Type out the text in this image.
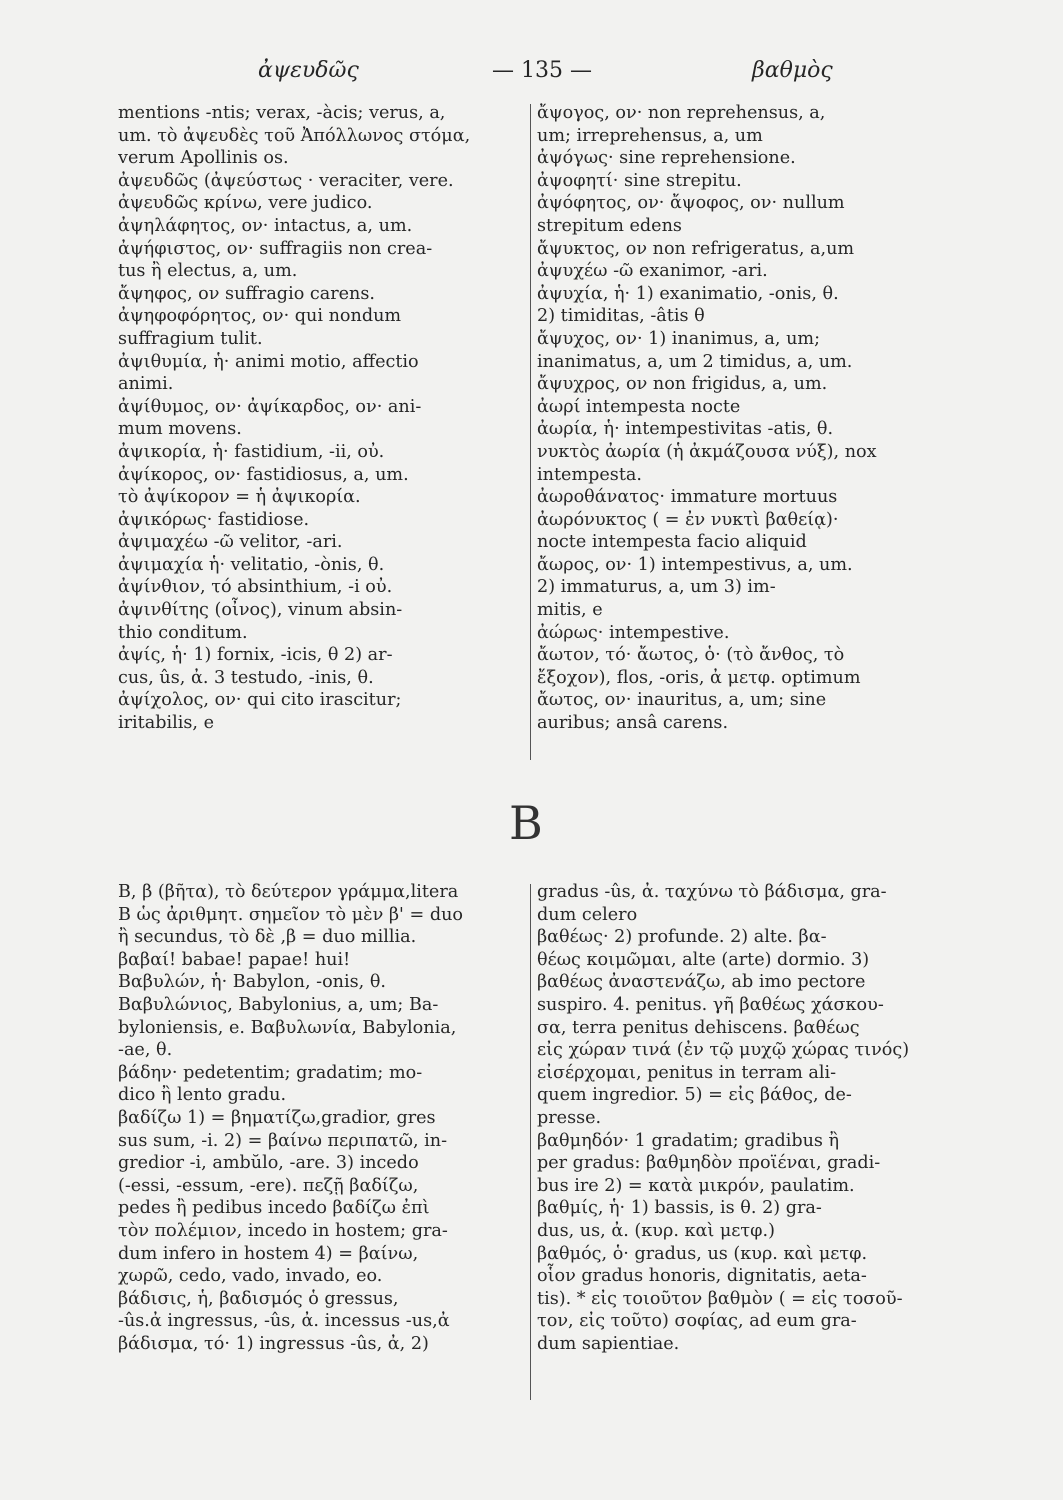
ἀψευδῶς	— 135 —	βαθμὸς
mentions -ntis; verax, -àcis; verus, a,
um. τὸ ἀψευδὲς τοῦ Ἀπόλλωνος στόμα,
verum Apollinis os.
ἀψευδῶς (ἀψεύστως · veraciter, vere.
ἀψευδῶς κρίνω, vere judico.
ἀψηλάφητος, ον· intactus, a, um.
ἀψήφιστος, ον· suffragiis non crea-
tus ἢ electus, a, um.
ἄψηφος, ον suffragio carens.
ἀψηφοφόρητος, ον· qui nondum
suffragium tulit.
ἀψιθυμία, ἡ· animi motio, affectio
animi.
ἀψίθυμος, ον· ἀψίκαρδος, ον· ani-
mum movens.
ἀψικορία, ἡ· fastidium, -ii, οὐ.
ἀψίκορος, ον· fastidiosus, a, um.
τὸ ἀψίκορον = ἡ ἀψικορία.
ἀψικόρως· fastidiose.
ἀψιμαχέω -ῶ velitor, -ari.
ἀψιμαχία ἡ· velitatio, -ònis, θ.
ἀψίνθιον, τό absinthium, -i οὐ.
ἀψινθίτης (οἶνος), vinum absin-
thio conditum.
ἀψίς, ἡ· 1) fornix, -icis, θ 2) ar-
cus, ûs, ἀ. 3 testudo, -inis, θ.
ἀψίχολος, ον· qui cito irascitur;
iritabilis, e
ἄψογος, ον· non reprehensus, a,
um; irreprehensus, a, um
ἀψόγως· sine reprehensione.
ἀψοφητί· sine strepitu.
ἀψόφητος, ον· ἄψοφος, ον· nullum
strepitum edens
ἄψυκτος, ον non refrigeratus, a,um
ἀψυχέω -ῶ exanimor, -ari.
ἀψυχία, ἡ· 1) exanimatio, -onis, θ.
2) timiditas, -âtis θ
ἄψυχος, ον· 1) inanimus, a, um;
inanimatus, a, um 2 timidus, a, um.
ἄψυχρος, ον non frigidus, a, um.
ἀωρί intempesta nocte
ἀωρία, ἡ· intempestivitas -atis, θ.
νυκτὸς ἀωρία (ἡ ἀκμάζουσα νύξ), nox
intempesta.
ἀωροθάνατος· immature mortuus
ἀωρόνυκτος ( = ἐν νυκτὶ βαθείᾳ)·
nocte intempesta facio aliquid
ἄωρος, ον· 1) intempestivus, a, um.
2) immaturus, a, um 3) im-
mitis, e
ἀώρως· intempestive.
ἄωτον, τό· ἄωτος, ὁ· (τὸ ἄνθος, τὸ
ἔξοχον), flos, -oris, ἀ μετφ. optimum
ἄωτος, ον· inauritus, a, um; sine
auribus; ansâ carens.
B
B, β (βῆτα), τὸ δεύτερον γράμμα,litera
B ὡς ἀριθμητ. σημεῖον τὸ μὲν β' = duo
ἢ secundus, τὸ δὲ ,β = duo millia.
βαβαί! babae! papae! hui!
Βαβυλών, ἡ· Babylon, -onis, θ.
Βαβυλώνιος, Babylonius, a, um; Ba-
byloniensis, e. Βαβυλωνία, Babylonia,
-ae, θ.
βάδην· pedetentim; gradatim; mo-
dico ἢ lento gradu.
βαδίζω 1) = βηματίζω,gradior, gres
sus sum, -i. 2) = βαίνω περιπατῶ, in-
gredior -i, ambŭlo, -are. 3) incedo
(-essi, -essum, -ere). πεζῇ βαδίζω,
pedes ἢ pedibus incedo βαδίζω ἐπὶ
τὸν πολέμιον, incedo in hostem; gra-
dum infero in hostem 4) = βαίνω,
χωρῶ, cedo, vado, invado, eo.
βάδισις, ἡ, βαδισμός ὁ gressus,
-ûs.ἀ ingressus, -ûs, ἀ. incessus -us,ἀ
βάδισμα, τό· 1) ingressus -ûs, ἀ, 2)
gradus -ûs, ἀ. ταχύνω τὸ βάδισμα, gra-
dum celero
βαθέως· 2) profunde. 2) alte. βα-
θέως κοιμῶμαι, alte (arte) dormio. 3)
βαθέως ἀναστενάζω, ab imo pectore
suspiro. 4. penitus. γῆ βαθέως χάσκου-
σα, terra penitus dehiscens. βαθέως
εἰς χώραν τινά (ἐν τῷ μυχῷ χώρας τινός)
εἰσέρχομαι, penitus in terram ali-
quem ingredior. 5) = εἰς βάθος, de-
presse.
βαθμηδόν· 1 gradatim; gradibus ἢ
per gradus: βαθμηδὸν προϊέναι, gradi-
bus ire 2) = κατὰ μικρόν, paulatim.
βαθμίς, ἡ· 1) bassis, is θ. 2) gra-
dus, us, ἀ. (κυρ. καὶ μετφ.)
βαθμός, ὁ· gradus, us (κυρ. καὶ μετφ.
οἷον gradus honoris, dignitatis, aeta-
tis). * εἰς τοιοῦτον βαθμὸν ( = εἰς τοσοῦ-
τον, εἰς τοῦτο) σοφίας, ad eum gra-
dum sapientiae.
